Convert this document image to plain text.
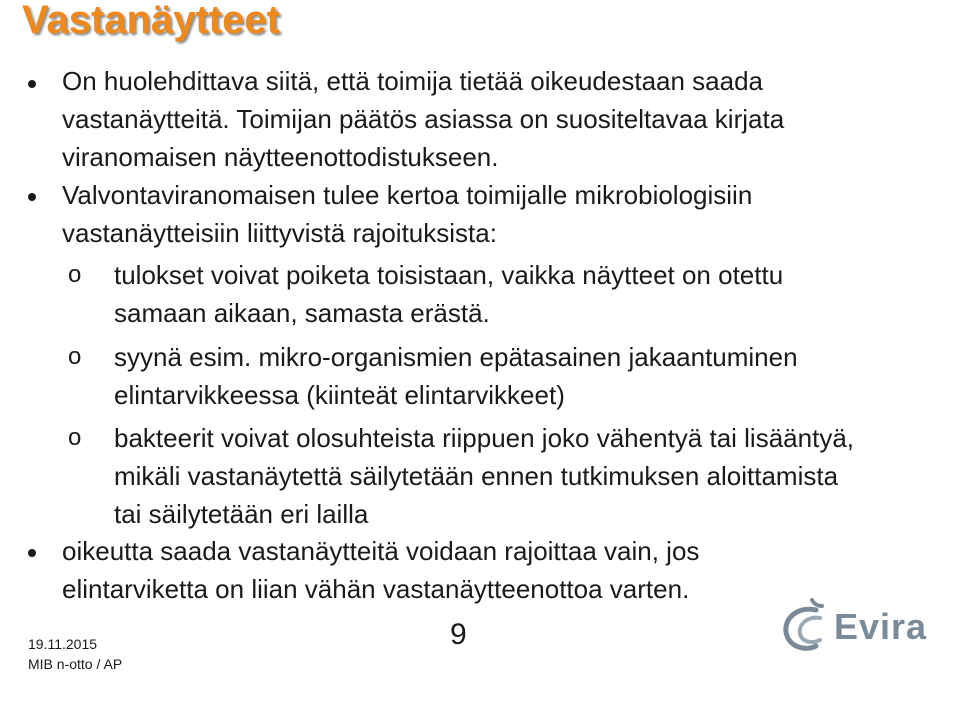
Vastanäytteet
On huolehdittava siitä, että toimija tietää oikeudestaan saada
vastanäytteitä. Toimijan päätös asiassa on suositeltavaa kirjata
viranomaisen näytteenottodistukseen.
Valvontaviranomaisen tulee kertoa toimijalle mikrobiologisiin
vastanäytteisiin liittyvistä rajoituksista:
o tulokset voivat poiketa toisistaan, vaikka näytteet on otettu
samaan aikaan, samasta erästä.
o syynä esim. mikro-organismien epätasainen jakaantuminen
elintarvikkeessa (kiinteät elintarvikkeet)
o bakteerit voivat olosuhteista riippuen joko vähentyä tai lisääntyä,
mikäli vastanäytettä säilytetään ennen tutkimuksen aloittamista
tai säilytetään eri lailla
oikeutta saada vastanäytteitä voidaan rajoittaa vain, jos
elintarviketta on liian vähän vastanäytteenottoa varten.
19.11.2015
MIB n-otto / AP
9	Evira
